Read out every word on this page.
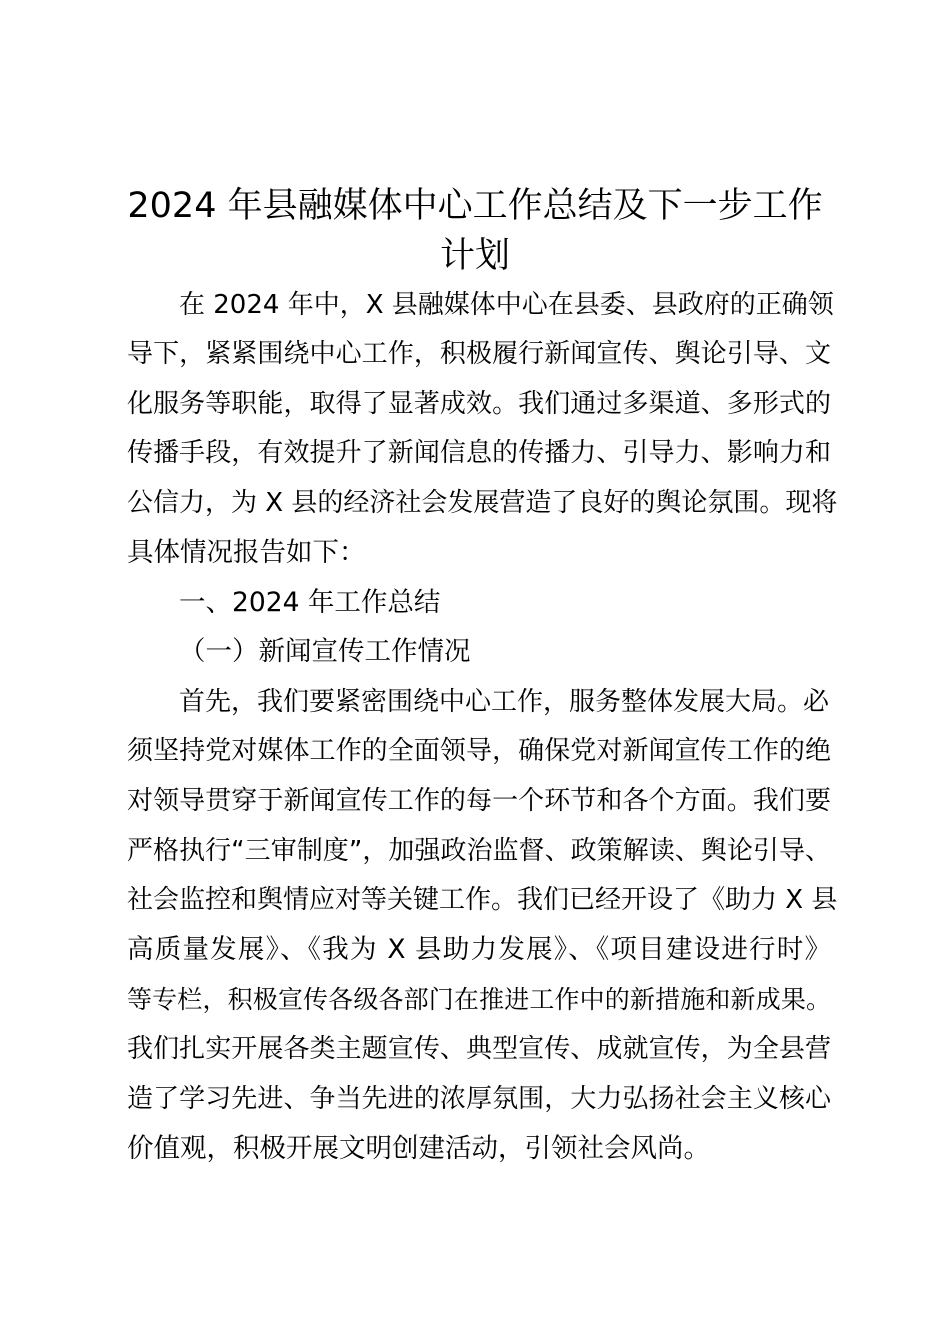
2024 年县融媒体中心工作总结及下一步工作
计划
在 2024 年中，X 县融媒体中心在县委、县政府的正确领
导下，紧紧围绕中心工作，积极履行新闻宣传、舆论引导、文
化服务等职能，取得了显著成效。我们通过多渠道、多形式的
传播手段，有效提升了新闻信息的传播力、引导力、影响力和
公信力，为 X 县的经济社会发展营造了良好的舆论氛围。现将
具体情况报告如下：
一、2024 年工作总结
（一）新闻宣传工作情况
首先，我们要紧密围绕中心工作，服务整体发展大局。必
须坚持党对媒体工作的全面领导，确保党对新闻宣传工作的绝
对领导贯穿于新闻宣传工作的每一个环节和各个方面。我们要
严格执行“三审制度”，加强政治监督、政策解读、舆论引导、
社会监控和舆情应对等关键工作。我们已经开设了《助力 X 县
高质量发展》、《我为 X 县助力发展》、《项目建设进行时》
等专栏，积极宣传各级各部门在推进工作中的新措施和新成果。
我们扎实开展各类主题宣传、典型宣传、成就宣传，为全县营
造了学习先进、争当先进的浓厚氛围，大力弘扬社会主义核心
价值观，积极开展文明创建活动，引领社会风尚。
